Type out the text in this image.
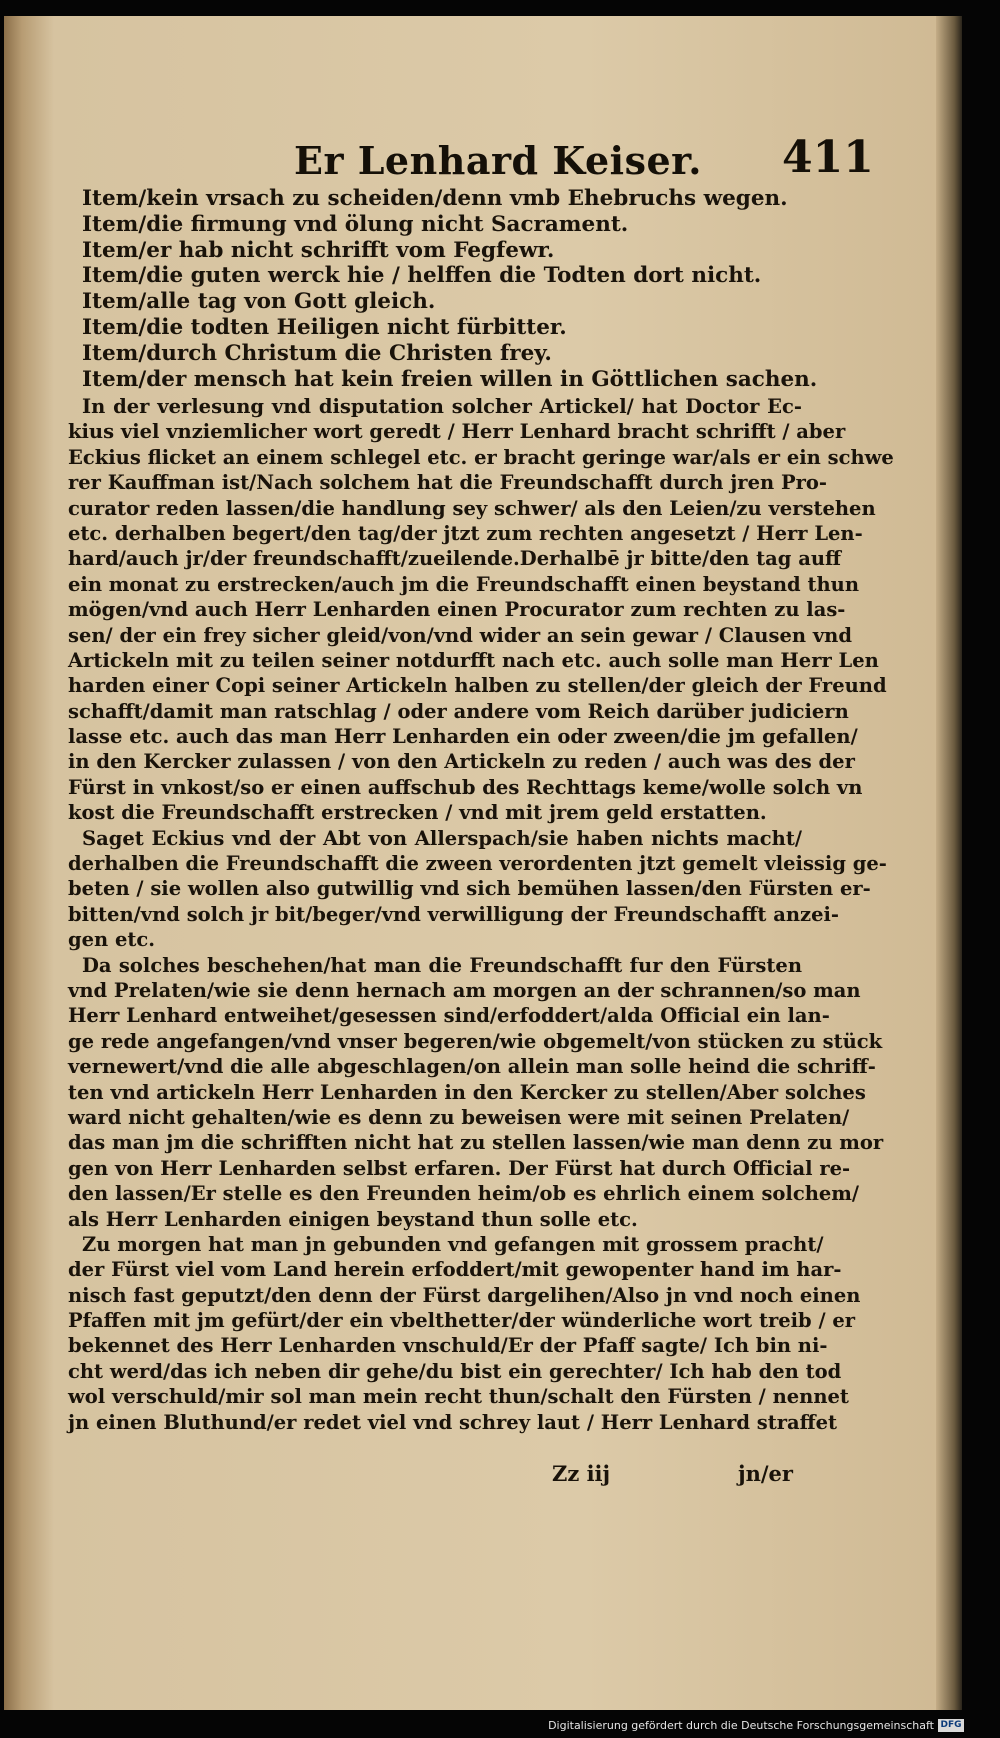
Er Lenhard Keiser. 411
Item/kein vrsach zu scheiden/denn vmb Ehebruchs wegen.
Item/die firmung vnd ölung nicht Sacrament.
Item/er hab nicht schrifft vom Fegfewr.
Item/die guten werck hie / helffen die Todten dort nicht.
Item/alle tag von Gott gleich.
Item/die todten Heiligen nicht fürbitter.
Item/durch Christum die Christen frey.
Item/der mensch hat kein freien willen in Göttlichen sachen.
In der verlesung vnd disputation solcher Artickel/ hat Doctor Ec-
kius viel vnziemlicher wort geredt / Herr Lenhard bracht schrifft / aber
Eckius flicket an einem schlegel etc. er bracht geringe war/als er ein schwe
rer Kauffman ist/Nach solchem hat die Freundschafft durch jren Pro-
curator reden lassen/die handlung sey schwer/ als den Leien/zu verstehen
etc. derhalben begert/den tag/der jtzt zum rechten angesetzt / Herr Len-
hard/auch jr/der freundschafft/zueilende.Derhalbē jr bitte/den tag auff
ein monat zu erstrecken/auch jm die Freundschafft einen beystand thun
mögen/vnd auch Herr Lenharden einen Procurator zum rechten zu las-
sen/ der ein frey sicher gleid/von/vnd wider an sein gewar / Clausen vnd
Artickeln mit zu teilen seiner notdurfft nach etc. auch solle man Herr Len
harden einer Copi seiner Artickeln halben zu stellen/der gleich der Freund
schafft/damit man ratschlag / oder andere vom Reich darüber judiciern
lasse etc. auch das man Herr Lenharden ein oder zween/die jm gefallen/
in den Kercker zulassen / von den Artickeln zu reden / auch was des der
Fürst in vnkost/so er einen auffschub des Rechttags keme/wolle solch vn
kost die Freundschafft erstrecken / vnd mit jrem geld erstatten.
Saget Eckius vnd der Abt von Allerspach/sie haben nichts macht/
derhalben die Freundschafft die zween verordenten jtzt gemelt vleissig ge-
beten / sie wollen also gutwillig vnd sich bemühen lassen/den Fürsten er-
bitten/vnd solch jr bit/beger/vnd verwilligung der Freundschafft anzei-
gen etc.
Da solches beschehen/hat man die Freundschafft fur den Fürsten
vnd Prelaten/wie sie denn hernach am morgen an der schrannen/so man
Herr Lenhard entweihet/gesessen sind/erfoddert/alda Official ein lan-
ge rede angefangen/vnd vnser begeren/wie obgemelt/von stücken zu stück
vernewert/vnd die alle abgeschlagen/on allein man solle heind die schriff-
ten vnd artickeln Herr Lenharden in den Kercker zu stellen/Aber solches
ward nicht gehalten/wie es denn zu beweisen were mit seinen Prelaten/
das man jm die schrifften nicht hat zu stellen lassen/wie man denn zu mor
gen von Herr Lenharden selbst erfaren. Der Fürst hat durch Official re-
den lassen/Er stelle es den Freunden heim/ob es ehrlich einem solchem/
als Herr Lenharden einigen beystand thun solle etc.
Zu morgen hat man jn gebunden vnd gefangen mit grossem pracht/
der Fürst viel vom Land herein erfoddert/mit gewopenter hand im har-
nisch fast geputzt/den denn der Fürst dargelihen/Also jn vnd noch einen
Pfaffen mit jm gefürt/der ein vbelthetter/der wünderliche wort treib / er
bekennet des Herr Lenharden vnschuld/Er der Pfaff sagte/ Ich bin ni-
cht werd/das ich neben dir gehe/du bist ein gerechter/ Ich hab den tod
wol verschuld/mir sol man mein recht thun/schalt den Fürsten / nennet
jn einen Bluthund/er redet viel vnd schrey laut / Herr Lenhard straffet
Zz iij	jn/er
Digitalisierung gefördert durch die Deutsche Forschungsgemeinschaft DFG
